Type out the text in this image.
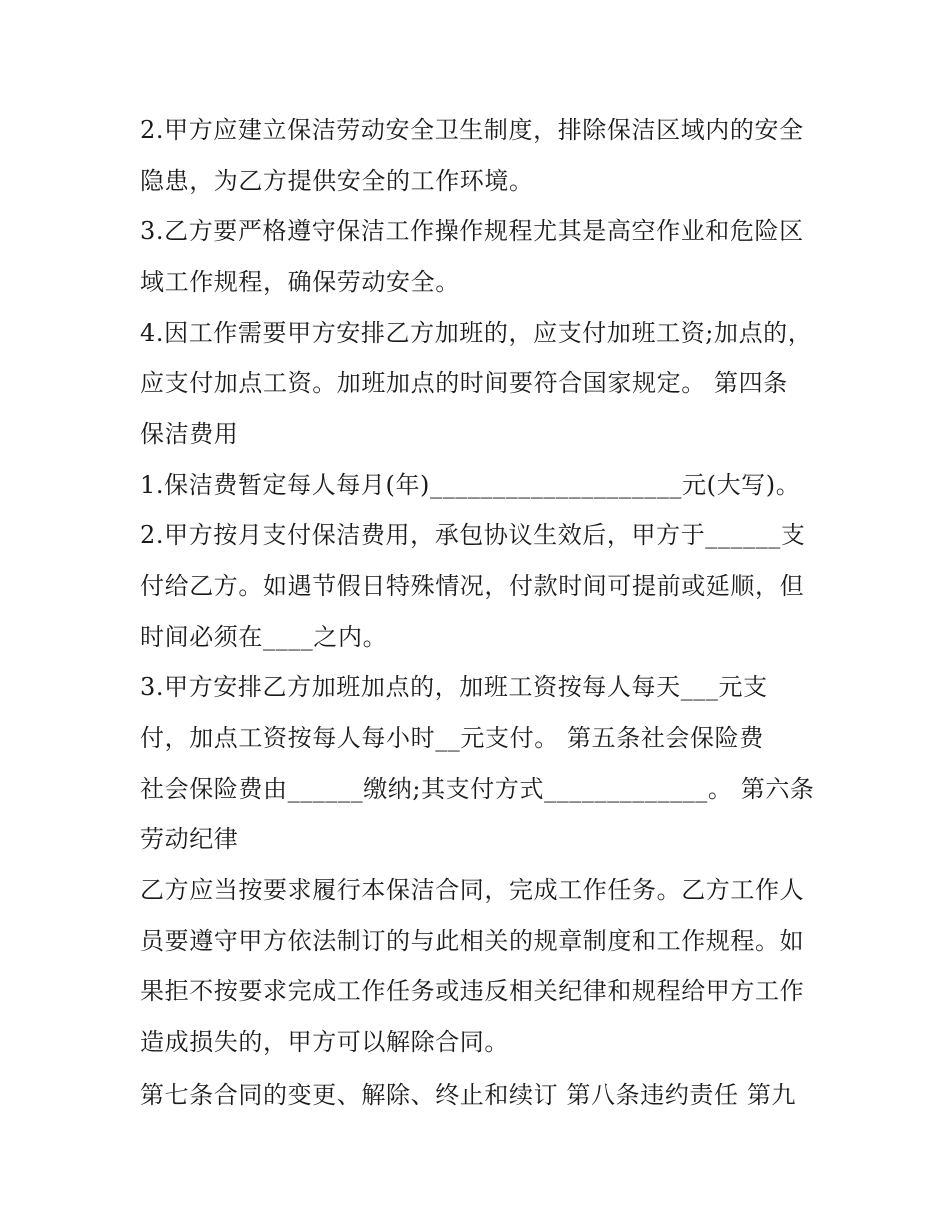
2.甲方应建立保洁劳动安全卫生制度，排除保洁区域内的安全
隐患，为乙方提供安全的工作环境。
3.乙方要严格遵守保洁工作操作规程尤其是高空作业和危险区
域工作规程，确保劳动安全。
4.因工作需要甲方安排乙方加班的，应支付加班工资;加点的，
应支付加点工资。加班加点的时间要符合国家规定。 第四条
保洁费用
1.保洁费暂定每人每月(年)____________________元(大写)。
2.甲方按月支付保洁费用，承包协议生效后，甲方于______支
付给乙方。如遇节假日特殊情况，付款时间可提前或延顺，但
时间必须在____之内。
3.甲方安排乙方加班加点的，加班工资按每人每天___元支
付，加点工资按每人每小时__元支付。 第五条社会保险费
社会保险费由______缴纳;其支付方式_____________。 第六条
劳动纪律
乙方应当按要求履行本保洁合同，完成工作任务。乙方工作人
员要遵守甲方依法制订的与此相关的规章制度和工作规程。如
果拒不按要求完成工作任务或违反相关纪律和规程给甲方工作
造成损失的，甲方可以解除合同。
第七条合同的变更、解除、终止和续订 第八条违约责任 第九
